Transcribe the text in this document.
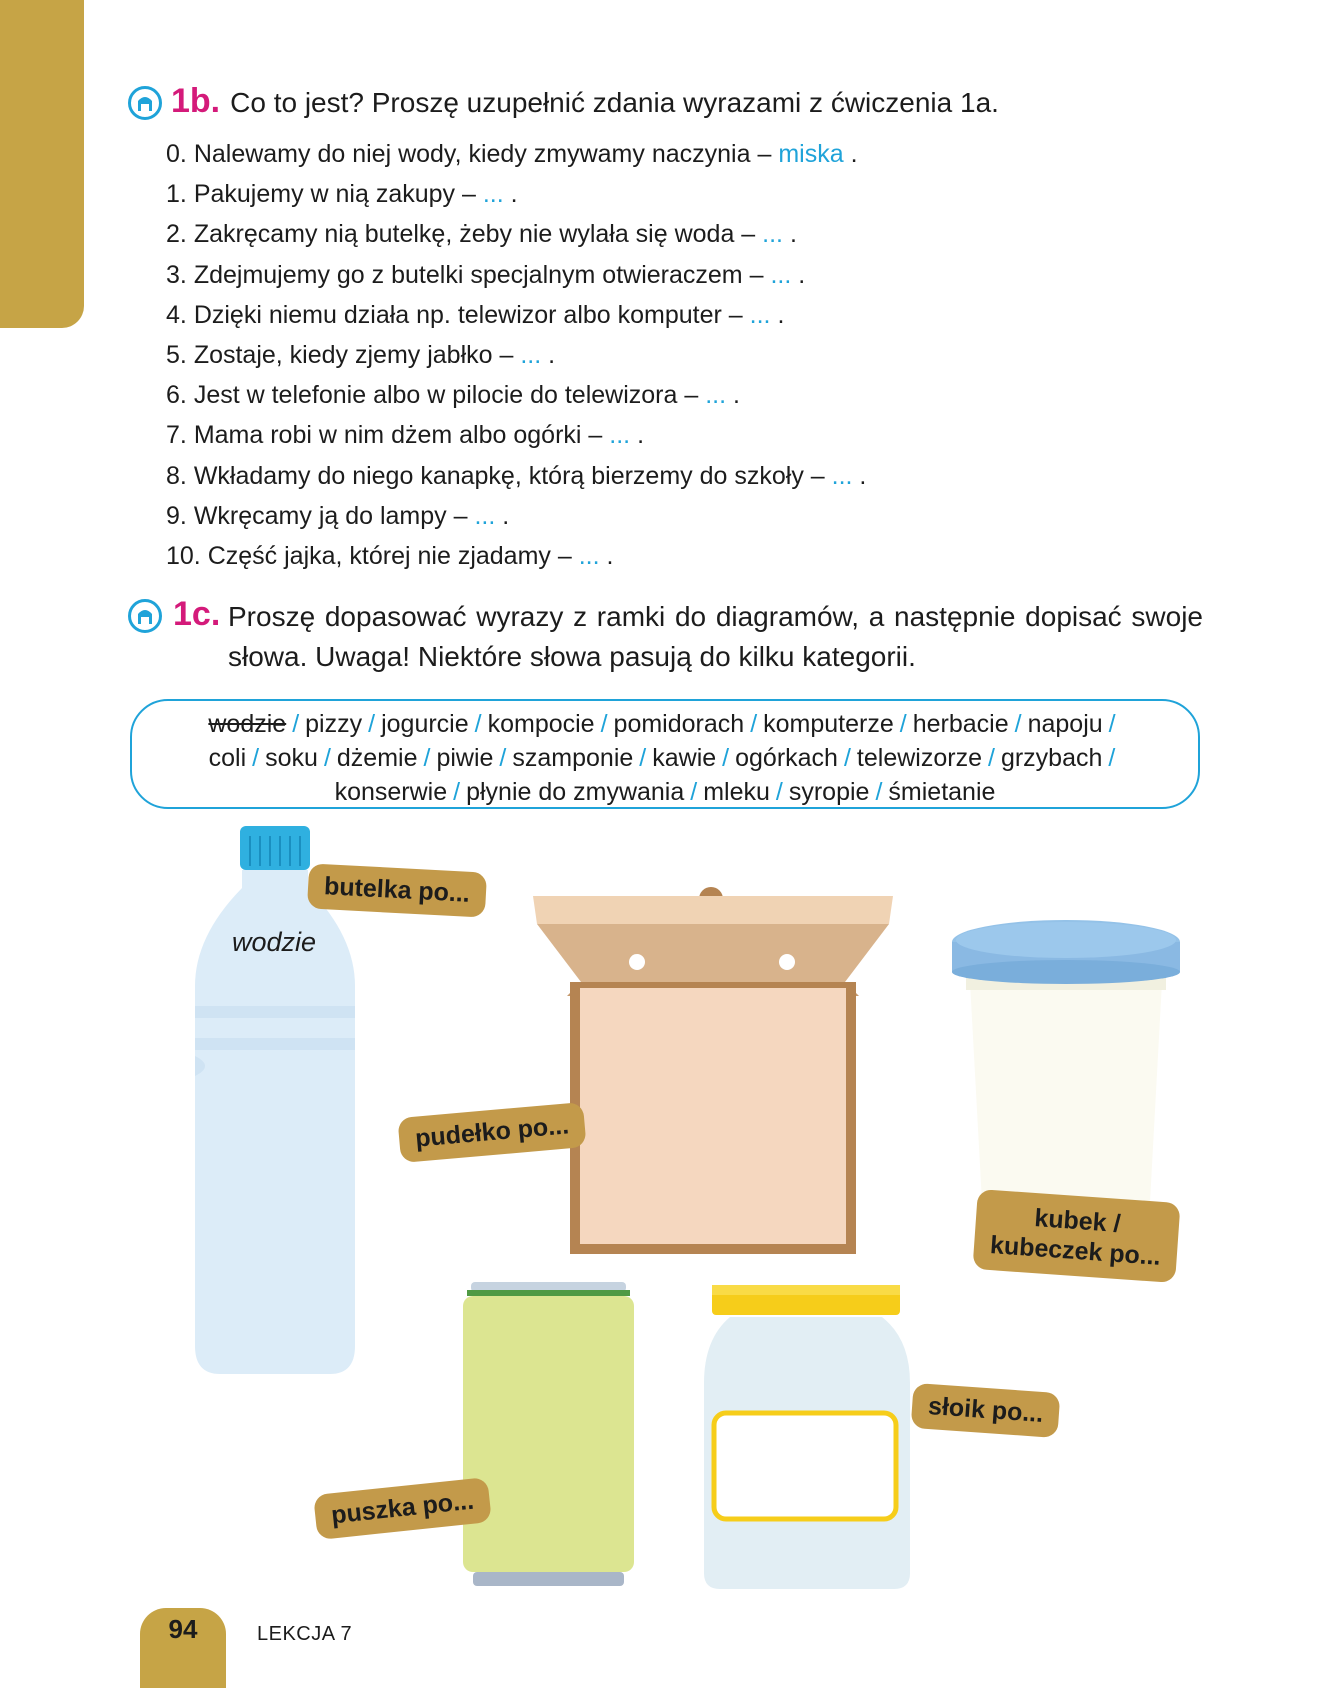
1b. Co to jest? Proszę uzupełnić zdania wyrazami z ćwiczenia 1a.
0. Nalewamy do niej wody, kiedy zmywamy naczynia – miska .
1. Pakujemy w nią zakupy – ... .
2. Zakręcamy nią butelkę, żeby nie wylała się woda – ... .
3. Zdejmujemy go z butelki specjalnym otwieraczem – ... .
4. Dzięki niemu działa np. telewizor albo komputer – ... .
5. Zostaje, kiedy zjemy jabłko – ... .
6. Jest w telefonie albo w pilocie do telewizora – ... .
7. Mama robi w nim dżem albo ogórki – ... .
8. Wkładamy do niego kanapkę, którą bierzemy do szkoły – ... .
9. Wkręcamy ją do lampy – ... .
10. Część jajka, której nie zjadamy – ... .
1c. Proszę dopasować wyrazy z ramki do diagramów, a następnie dopisać swoje słowa. Uwaga! Niektóre słowa pasują do kilku kategorii.
wodzie / pizzy / jogurcie / kompocie / pomidorach / komputerze / herbacie / napoju /
coli / soku / dżemie / piwie / szamponie / kawie / ogórkach / telewizorze / grzybach /
konserwie / płynie do zmywania / mleku / syropie / śmietanie
wodzie
butelka po...
pudełko po...
kubek /
kubeczek po...
puszka po...
słoik po...
94	LEKCJA 7
